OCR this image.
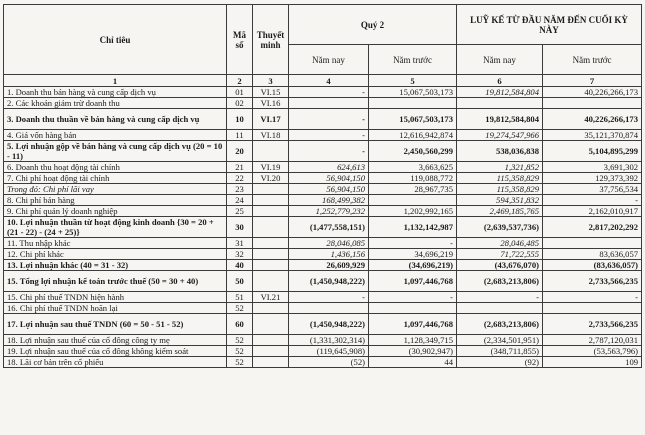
Chỉ tiêu	Mã số	Thuyết minh	Quý 2		LUỸ KẾ TỪ ĐẦU NĂM ĐẾN CUỐI KỲ NÀY	
			Năm nay	Năm trước	Năm nay	Năm trước
1	2	3	4	5	6	7
1. Doanh thu bán hàng và cung cấp dịch vụ	01	VI.15	-	15,067,503,173	19,812,584,804	40,226,266,173
2. Các khoản giảm trừ doanh thu	02	VI.16				
3. Doanh thu thuần về bán hàng và cung cấp dịch vụ	10	VI.17	-	15,067,503,173	19,812,584,804	40,226,266,173
4. Giá vốn hàng bán	11	VI.18	-	12,616,942,874	19,274,547,966	35,121,370,874
5. Lợi nhuận gộp về bán hàng và cung cấp dịch vụ (20 = 10 - 11)	20		-	2,450,560,299	538,036,838	5,104,895,299
6. Doanh thu hoạt động tài chính	21	VI.19	624,613	3,663,625	1,321,852	3,691,302
7. Chi phí hoạt động tài chính	22	VI.20	56,904,150	119,088,772	115,358,829	129,373,392
Trong đó: Chi phí lãi vay	23		56,904,150	28,967,735	115,358,829	37,756,534
8. Chi phí bán hàng	24		168,499,382		594,351,832	-
9. Chi phí quản lý doanh nghiệp	25		1,252,779,232	1,202,992,165	2,469,185,765	2,162,010,917
10. Lợi nhuận thuần từ hoạt động kinh doanh {30 = 20 + (21 - 22) - (24 + 25)}	30		(1,477,558,151)	1,132,142,987	(2,639,537,736)	2,817,202,292
11. Thu nhập khác	31		28,046,085	-	28,046,485	
12. Chi phí khác	32		1,436,156	34,696,219	71,722,555	83,636,057
13. Lợi nhuận khác (40 = 31 - 32)	40		26,609,929	(34,696,219)	(43,676,070)	(83,636,057)
15. Tổng lợi nhuận kế toán trước thuế (50 = 30 + 40)	50		(1,450,948,222)	1,097,446,768	(2,683,213,806)	2,733,566,235
15. Chi phí thuế TNDN hiện hành	51	VI.21	-	-	-	-
16. Chi phí thuế TNDN hoãn lại	52					
17. Lợi nhuận sau thuế TNDN (60 = 50 - 51 - 52)	60		(1,450,948,222)	1,097,446,768	(2,683,213,806)	2,733,566,235
18. Lợi nhuận sau thuế của cổ đông công ty mẹ	52		(1,331,302,314)	1,128,349,715	(2,334,501,951)	2,787,120,031
19. Lợi nhuận sau thuế của cổ đông không kiểm soát	52		(119,645,908)	(30,902,947)	(348,711,855)	(53,563,796)
18. Lãi cơ bản trên cổ phiếu	52		(52)	44	(92)	109
